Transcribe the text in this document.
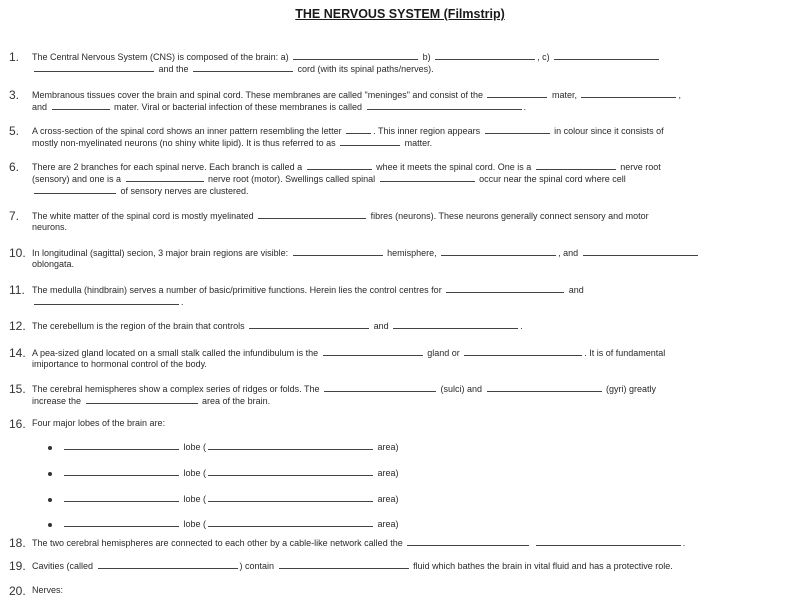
THE NERVOUS SYSTEM (Filmstrip)
1. The Central Nervous System (CNS) is composed of the brain: a)	b)	, c)
and the	cord (with its spinal paths/nerves).
3. Membranous tissues cover the brain and spinal cord. These membranes are called "meninges" and consist of the	mater,	,
and	mater. Viral or bacterial infection of these membranes is called	.
5. A cross-section of the spinal cord shows an inner pattern resembling the letter	. This inner region appears	in colour since it consists of
mostly non-myelinated neurons (no shiny white lipid). It is thus referred to as	matter.
6. There are 2 branches for each spinal nerve. Each branch is called a	whee it meets the spinal cord. One is a	nerve root
(sensory) and one is a	nerve root (motor). Swellings called spinal	occur near the spinal cord where cell
of sensory nerves are clustered.
7. The white matter of the spinal cord is mostly myelinated	fibres (neurons). These neurons generally connect sensory and motor
neurons.
10. In longitudinal (sagittal) secion, 3 major brain regions are visible:	hemisphere,	, and
oblongata.
11. The medulla (hindbrain) serves a number of basic/primitive functions. Herein lies the control centres for	and
.
12. The cerebellum is the region of the brain that controls	and	.
14. A pea-sized gland located on a small stalk called the infundibulum is the	gland or	. It is of fundamental
imiportance to hormonal control of the body.
15. The cerebral hemispheres show a complex series of ridges or folds. The	(sulci) and	(gyri) greatly
increase the	area of the brain.
16. Four major lobes of the brain are:
18. The two cerebral hemispheres are connected to each other by a cable-like network called the	.
19. Cavities (called	) contain	fluid which bathes the brain in vital fluid and has a protective role.
20. Nerves:
lobe (	area)
lobe (	area)
lobe (	area)
lobe (	area)
